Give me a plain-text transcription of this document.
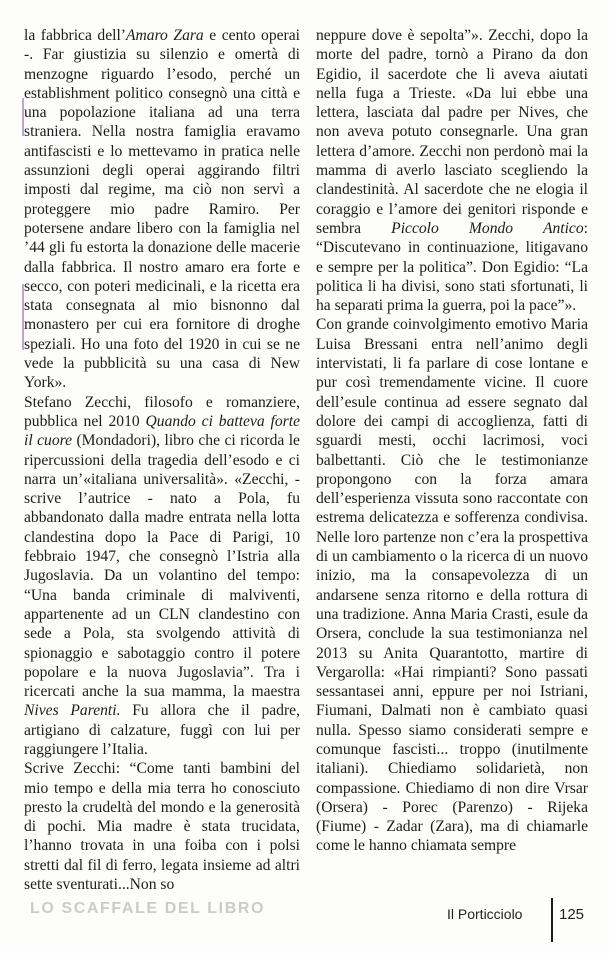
la fabbrica dell’Amaro Zara e cento operai -. Far giustizia su silenzio e omertà di menzogne riguardo l’esodo, perché un establishment politico consegnò una città e una popolazione italiana ad una terra straniera. Nella nostra famiglia eravamo antifascisti e lo mettevamo in pratica nelle assunzioni degli operai aggirando filtri imposti dal regime, ma ciò non servì a proteggere mio padre Ramiro. Per potersene andare libero con la famiglia nel ’44 gli fu estorta la donazione delle macerie dalla fabbrica. Il nostro amaro era forte e secco, con poteri medicinali, e la ricetta era stata consegnata al mio bisnonno dal monastero per cui era fornitore di droghe speziali. Ho una foto del 1920 in cui se ne vede la pubblicità su una casa di New York».

Stefano Zecchi, filosofo e romanziere, pubblica nel 2010 Quando ci batteva forte il cuore (Mondadori), libro che ci ricorda le ripercussioni della tragedia dell’esodo e ci narra un’«italiana universalità». «Zecchi, - scrive l’autrice - nato a Pola, fu abbandonato dalla madre entrata nella lotta clandestina dopo la Pace di Parigi, 10 febbraio 1947, che consegnò l’Istria alla Jugoslavia. Da un volantino del tempo: “Una banda criminale di malviventi, appartenente ad un CLN clandestino con sede a Pola, sta svolgendo attività di spionaggio e sabotaggio contro il potere popolare e la nuova Jugoslavia”. Tra i ricercati anche la sua mamma, la maestra Nives Parenti. Fu allora che il padre, artigiano di calzature, fuggì con lui per raggiungere l’Italia.

Scrive Zecchi: “Come tanti bambini del mio tempo e della mia terra ho conosciuto presto la crudeltà del mondo e la generosità di pochi. Mia madre è stata trucidata, l’hanno trovata in una foiba con i polsi stretti dal fil di ferro, legata insieme ad altri sette sventurati...Non so

neppure dove è sepolta”». Zecchi, dopo la morte del padre, tornò a Pirano da don Egidio, il sacerdote che li aveva aiutati nella fuga a Trieste. «Da lui ebbe una lettera, lasciata dal padre per Nives, che non aveva potuto consegnarle. Una gran lettera d’amore. Zecchi non perdonò mai la mamma di averlo lasciato scegliendo la clandestinità. Al sacerdote che ne elogia il coraggio e l’amore dei genitori risponde e sembra Piccolo Mondo Antico: “Discutevano in continuazione, litigavano e sempre per la politica”. Don Egidio: “La politica li ha divisi, sono stati sfortunati, li ha separati prima la guerra, poi la pace”».

Con grande coinvolgimento emotivo Maria Luisa Bressani entra nell’animo degli intervistati, li fa parlare di cose lontane e pur così tremendamente vicine. Il cuore dell’esule continua ad essere segnato dal dolore dei campi di accoglienza, fatti di sguardi mesti, occhi lacrimosi, voci balbettanti. Ciò che le testimonianze propongono con la forza amara dell’esperienza vissuta sono raccontate con estrema delicatezza e sofferenza condivisa. Nelle loro partenze non c’era la prospettiva di un cambiamento o la ricerca di un nuovo inizio, ma la consapevolezza di un andarsene senza ritorno e della rottura di una tradizione. Anna Maria Crasti, esule da Orsera, conclude la sua testimonianza nel 2013 su Anita Quarantotto, martire di Vergarolla: «Hai rimpianti? Sono passati sessantasei anni, eppure per noi Istriani, Fiumani, Dalmati non è cambiato quasi nulla. Spesso siamo considerati sempre e comunque fascisti... troppo (inutilmente italiani). Chiediamo solidarietà, non compassione. Chiediamo di non dire Vrsar (Orsera) - Porec (Parenzo) - Rijeka (Fiume) - Zadar (Zara), ma di chiamarle come le hanno chiamata sempre

LO SCAFFALE DEL LIBRO	Il Porticciolo 125
